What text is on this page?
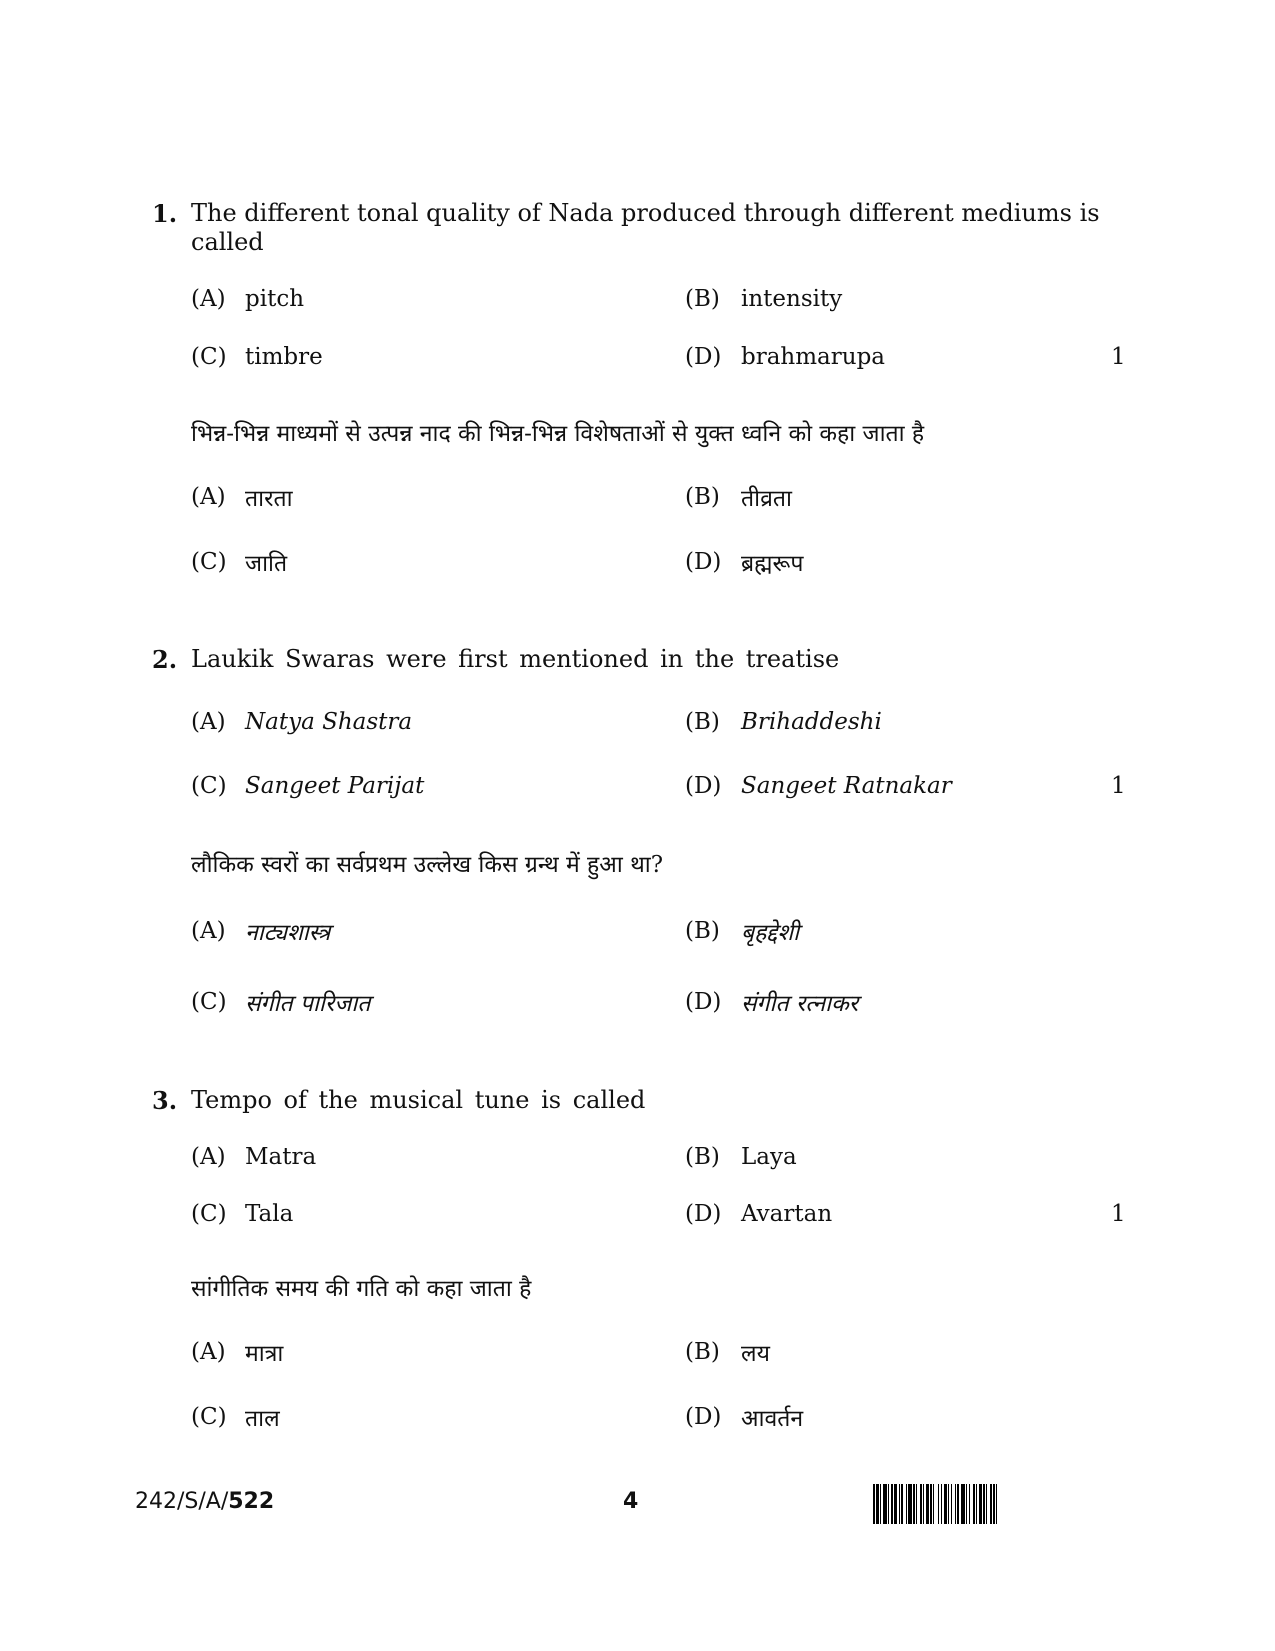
1. The different tonal quality of Nada produced through different mediums is
called
(A) pitch	(B) intensity
(C) timbre	(D) brahmarupa	1
भिन्न-भिन्न माध्यमों से उत्पन्न नाद की भिन्न-भिन्न विशेषताओं से युक्त ध्वनि को कहा जाता है
(A) तारता	(B) तीव्रता
(C) जाति	(D) ब्रह्मरूप
2. Laukik Swaras were first mentioned in the treatise
(A) Natya Shastra	(B) Brihaddeshi
(C) Sangeet Parijat	(D) Sangeet Ratnakar	1
लौकिक स्वरों का सर्वप्रथम उल्लेख किस ग्रन्थ में हुआ था?
(A) नाट्यशास्त्र	(B) बृहद्देशी
(C) संगीत पारिजात	(D) संगीत रत्नाकर
3. Tempo of the musical tune is called
(A) Matra	(B) Laya
(C) Tala	(D) Avartan	1
सांगीतिक समय की गति को कहा जाता है
(A) मात्रा	(B) लय
(C) ताल	(D) आवर्तन
242/S/A/522	4
